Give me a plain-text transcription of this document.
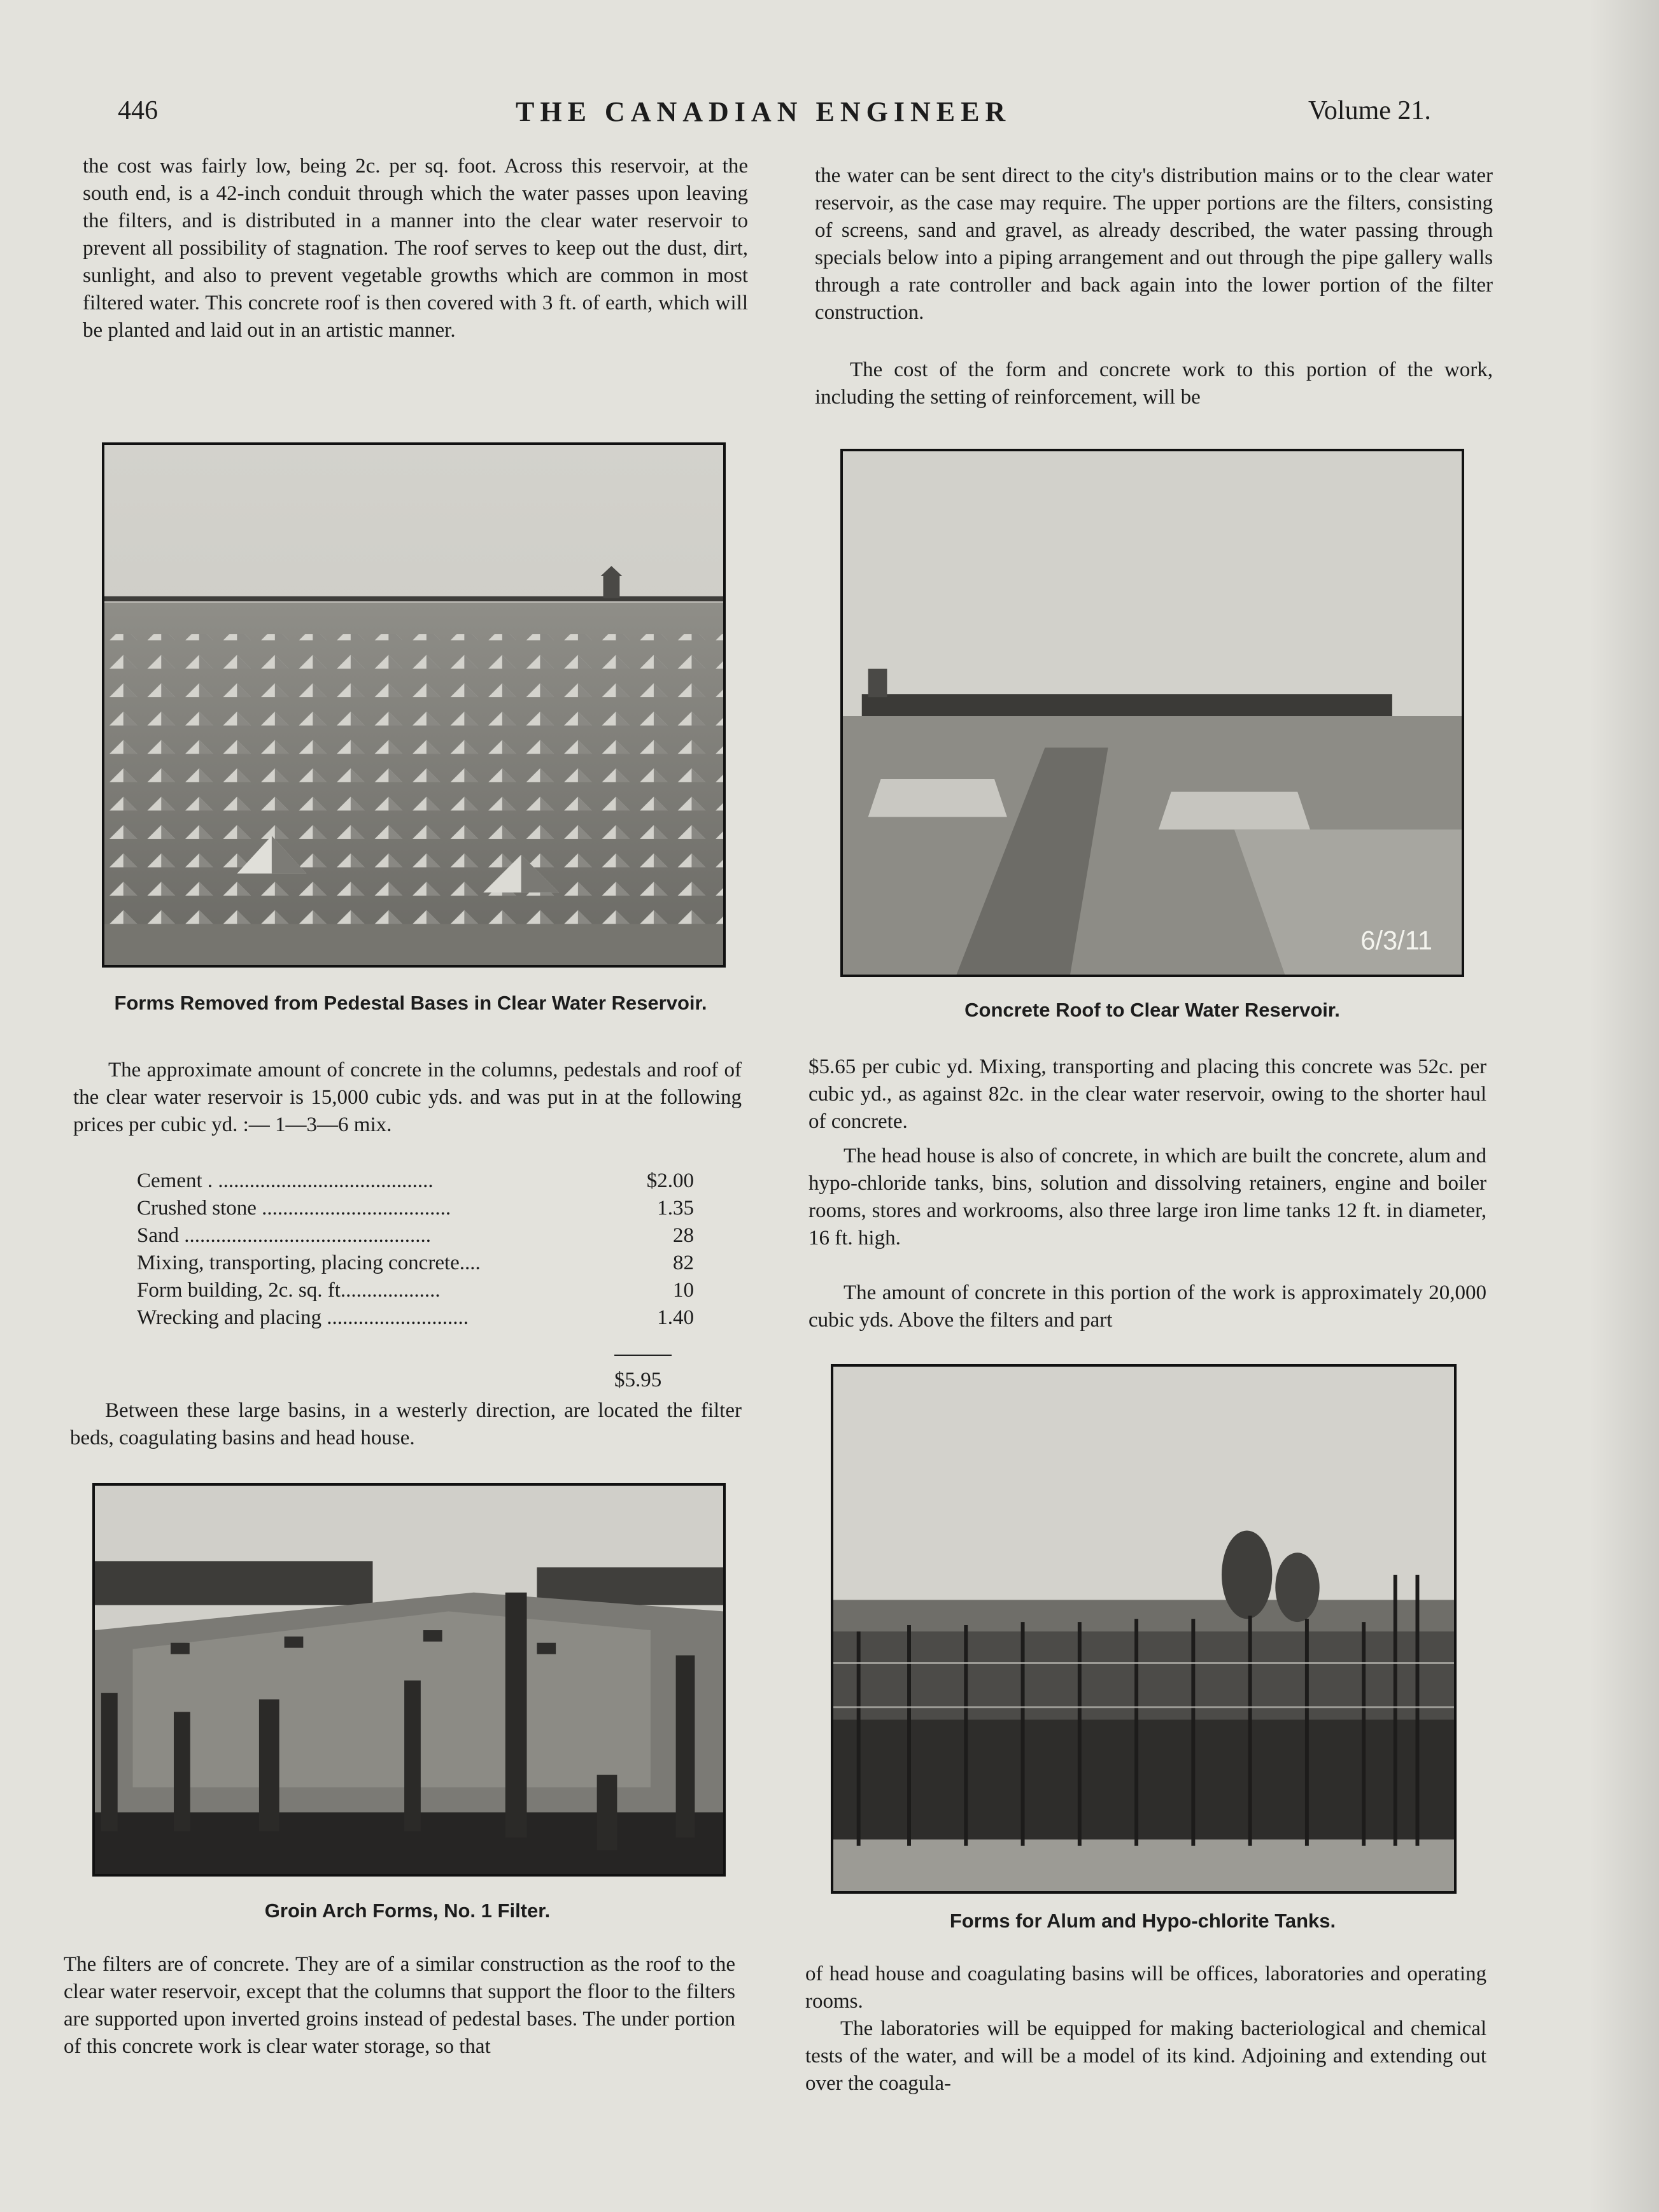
446	THE CANADIAN ENGINEER	Volume 21.

the cost was fairly low, being 2c. per sq. foot. Across this reservoir, at the south end, is a 42-inch conduit through which the water passes upon leaving the filters, and is distributed in a manner into the clear water reservoir to prevent all possibility of stagnation. The roof serves to keep out the dust, dirt, sunlight, and also to prevent vegetable growths which are common in most filtered water. This concrete roof is then covered with 3 ft. of earth, which will be planted and laid out in an artistic manner.

the water can be sent direct to the city's distribution mains or to the clear water reservoir, as the case may require. The upper portions are the filters, consisting of screens, sand and gravel, as already described, the water passing through specials below into a piping arrangement and out through the pipe gallery walls through a rate controller and back again into the lower portion of the filter construction.

The cost of the form and concrete work to this portion of the work, including the setting of reinforcement, will be

Forms Removed from Pedestal Bases in Clear Water Reservoir.
6/3/11
Concrete Roof to Clear Water Reservoir.

The approximate amount of concrete in the columns, pedestals and roof of the clear water reservoir is 15,000 cubic yds. and was put in at the following prices per cubic yd. :— 1—3—6 mix.

Cement . .........................................	$2.00
Crushed stone ....................................	1.35
Sand ...............................................	28
Mixing, transporting, placing concrete....	82
Form building, 2c. sq. ft...................	10
Wrecking and placing ...........................	1.40
$5.95

Between these large basins, in a westerly direction, are located the filter beds, coagulating basins and head house.

$5.65 per cubic yd. Mixing, transporting and placing this concrete was 52c. per cubic yd., as against 82c. in the clear water reservoir, owing to the shorter haul of concrete.

The head house is also of concrete, in which are built the concrete, alum and hypo-chloride tanks, bins, solution and dissolving retainers, engine and boiler rooms, stores and workrooms, also three large iron lime tanks 12 ft. in diameter, 16 ft. high.

The amount of concrete in this portion of the work is approximately 20,000 cubic yds. Above the filters and part

Groin Arch Forms, No. 1 Filter.	Forms for Alum and Hypo-chlorite Tanks.

The filters are of concrete. They are of a similar construction as the roof to the clear water reservoir, except that the columns that support the floor to the filters are supported upon inverted groins instead of pedestal bases. The under portion of this concrete work is clear water storage, so that

of head house and coagulating basins will be offices, laboratories and operating rooms.

The laboratories will be equipped for making bacteriological and chemical tests of the water, and will be a model of its kind. Adjoining and extending out over the coagula-
